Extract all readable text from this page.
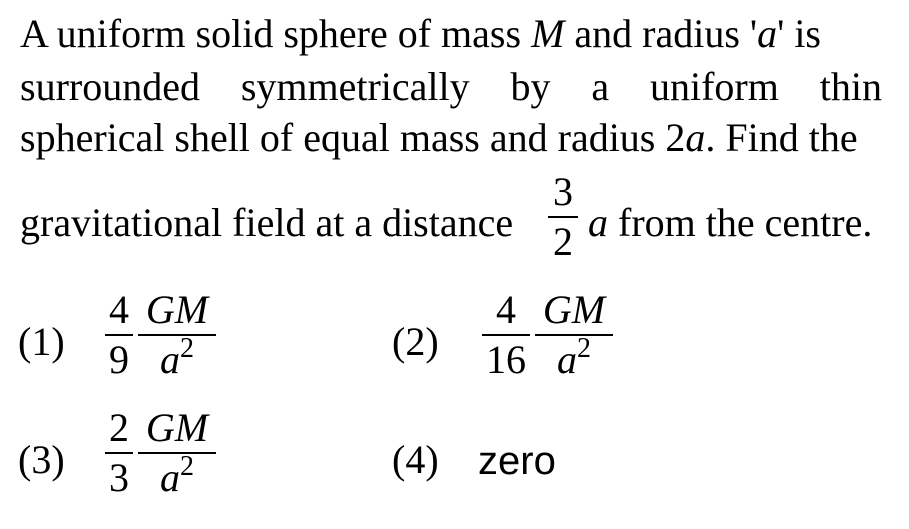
A uniform solid sphere of mass M and radius 'a' is
surrounded symmetrically by a uniform thin
spherical shell of equal mass and radius 2a. Find the
gravitational field at a distance
3
2 a from the centre.
(1)
4
9
GM
$a^2$	(2)
4
16
GM
$a^2$
(3)
2
3
GM
$a^2$	(4) zero
